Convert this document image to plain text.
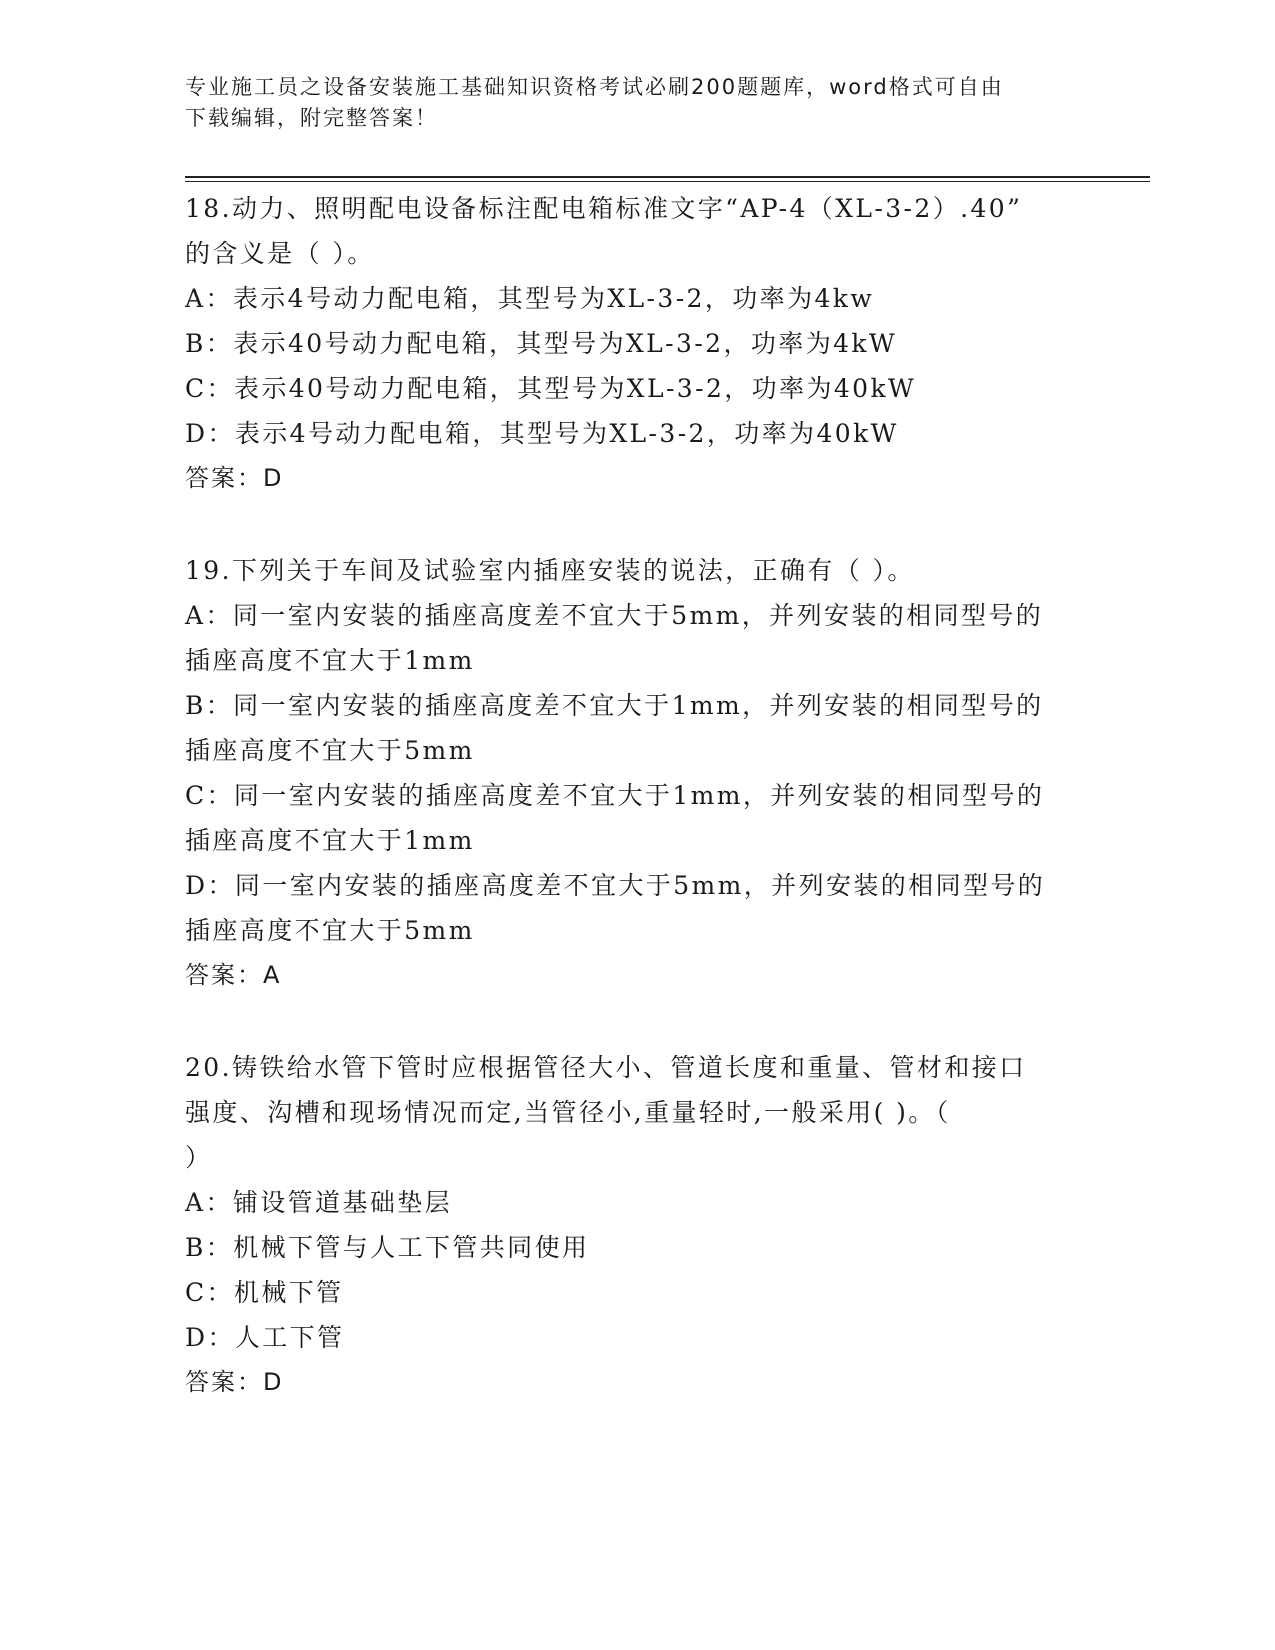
专业施工员之设备安装施工基础知识资格考试必刷200题题库，word格式可自由
下载编辑，附完整答案！
18.动力、照明配电设备标注配电箱标准文字“AP-4（XL-3-2）.40”
的含义是（ ）。
A：表示4号动力配电箱，其型号为XL-3-2，功率为4kw
B：表示40号动力配电箱，其型号为XL-3-2，功率为4kW
C：表示40号动力配电箱，其型号为XL-3-2，功率为40kW
D：表示4号动力配电箱，其型号为XL-3-2，功率为40kW
答案：D
19.下列关于车间及试验室内插座安装的说法，正确有（ ）。
A：同一室内安装的插座高度差不宜大于5mm，并列安装的相同型号的
插座高度不宜大于1mm
B：同一室内安装的插座高度差不宜大于1mm，并列安装的相同型号的
插座高度不宜大于5mm
C：同一室内安装的插座高度差不宜大于1mm，并列安装的相同型号的
插座高度不宜大于1mm
D：同一室内安装的插座高度差不宜大于5mm，并列安装的相同型号的
插座高度不宜大于5mm
答案：A
20.铸铁给水管下管时应根据管径大小、管道长度和重量、管材和接口
强度、沟槽和现场情况而定,当管径小,重量轻时,一般采用( )。（
）
A：铺设管道基础垫层
B：机械下管与人工下管共同使用
C：机械下管
D：人工下管
答案：D
